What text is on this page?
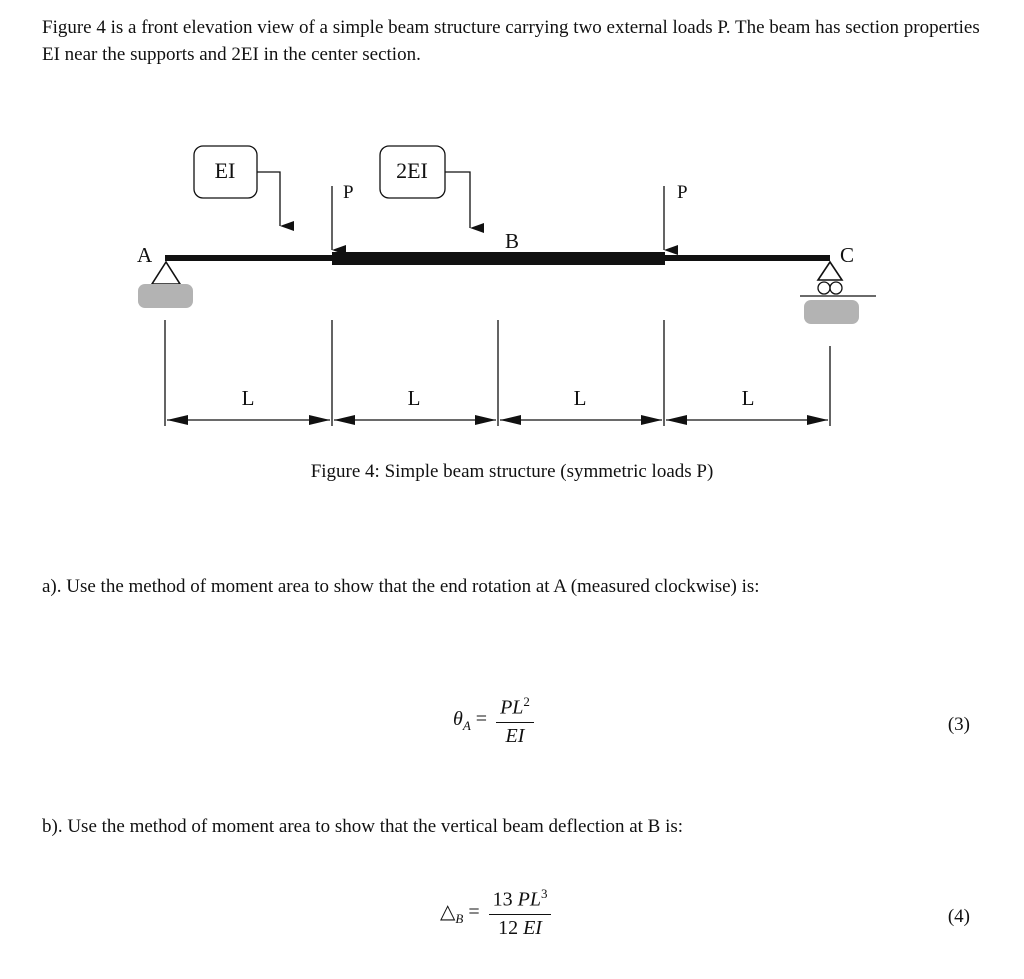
Figure 4 is a front elevation view of a simple beam structure carrying two external loads P. The beam has section properties EI near the supports and 2EI in the center section.

A	C
EI	2EI
P	P
B
L	L	L	L
Figure 4: Simple beam structure (symmetric loads P)

a). Use the method of moment area to show that the end rotation at A (measured clockwise) is:

$\theta_A = \frac{PL^2}{EI}$	(3)

b). Use the method of moment area to show that the vertical beam deflection at B is:

$\triangle_B = \frac{13 PL^3}{12 EI}$	(4)
